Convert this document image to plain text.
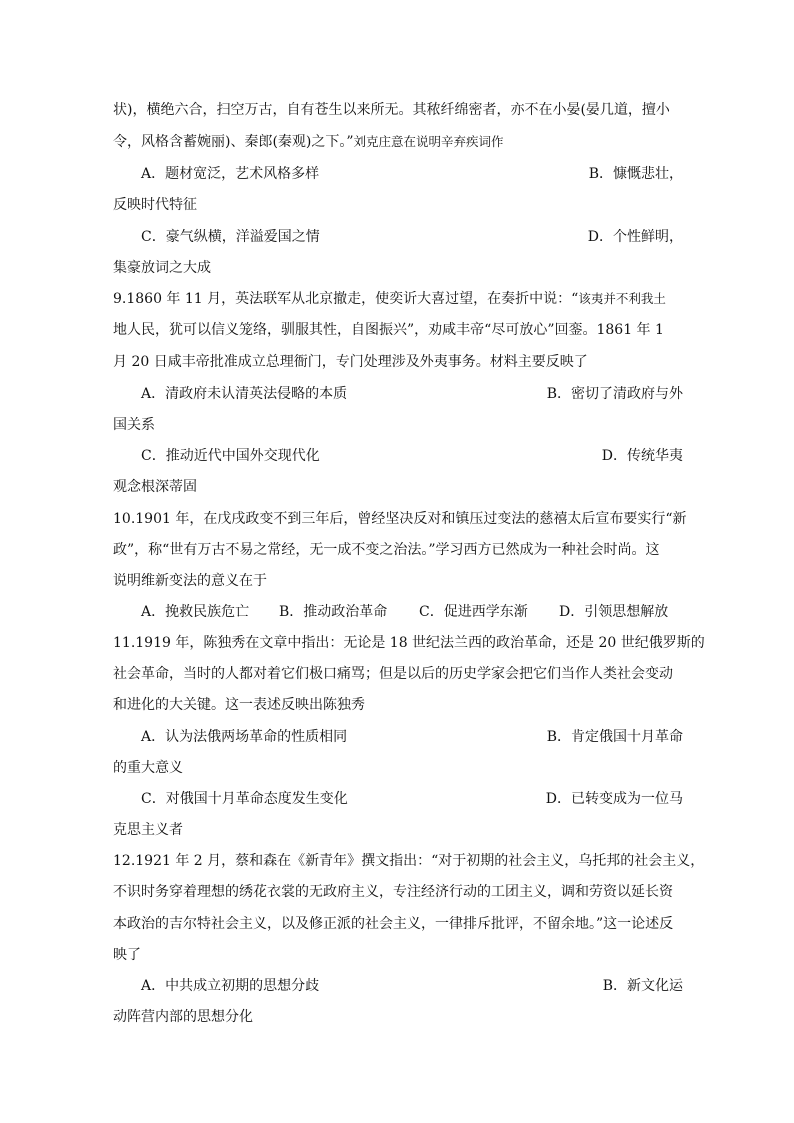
状)，横绝六合，扫空万古，自有苍生以来所无。其秾纤绵密者，亦不在小晏(晏几道，擅小
令，风格含蓄婉丽)、秦郎(秦观)之下。”刘克庄意在说明辛弃疾词作
A．题材宽泛，艺术风格多样	B．慷慨悲壮，
反映时代特征
C．豪气纵横，洋溢爱国之情	D．个性鲜明，
集豪放词之大成
9.1860 年 11 月，英法联军从北京撤走，使奕䜣大喜过望，在奏折中说：“该夷并不利我土
地人民，犹可以信义笼络，驯服其性，自图振兴”，劝咸丰帝“尽可放心”回銮。1861 年 1
月 20 日咸丰帝批准成立总理衙门，专门处理涉及外夷事务。材料主要反映了
A．清政府未认清英法侵略的本质	B．密切了清政府与外
国关系
C．推动近代中国外交现代化	D．传统华夷
观念根深蒂固
10.1901 年，在戊戌政变不到三年后，曾经坚决反对和镇压过变法的慈禧太后宣布要实行“新
政”，称“世有万古不易之常经，无一成不变之治法。”学习西方已然成为一种社会时尚。这
说明维新变法的意义在于
A．挽救民族危亡 B．推动政治革命 C．促进西学东渐 D．引领思想解放
11.1919 年，陈独秀在文章中指出：无论是 18 世纪法兰西的政治革命，还是 20 世纪俄罗斯的
社会革命，当时的人都对着它们极口痛骂；但是以后的历史学家会把它们当作人类社会变动
和进化的大关键。这一表述反映出陈独秀
A．认为法俄两场革命的性质相同	B．肯定俄国十月革命
的重大意义
C．对俄国十月革命态度发生变化	D．已转变成为一位马
克思主义者
12.1921 年 2 月，蔡和森在《新青年》撰文指出：“对于初期的社会主义，乌托邦的社会主义，
不识时务穿着理想的绣花衣裳的无政府主义，专注经济行动的工团主义，调和劳资以延长资
本政治的吉尔特社会主义，以及修正派的社会主义，一律排斥批评，不留余地。”这一论述反
映了
A．中共成立初期的思想分歧	B．新文化运
动阵营内部的思想分化
